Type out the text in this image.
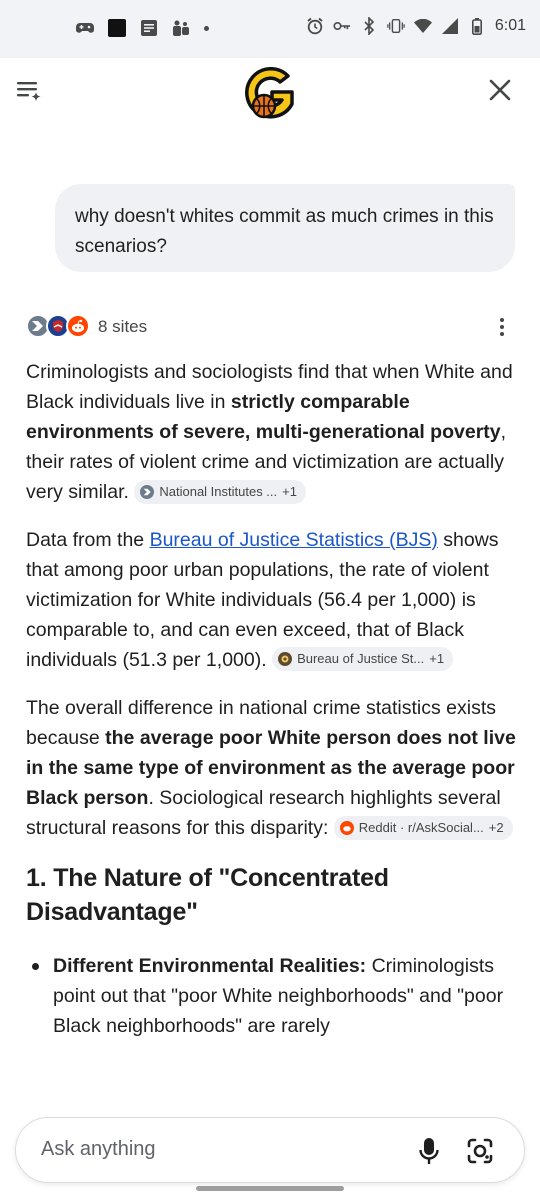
6:01
why doesn't whites commit as much crimes in this scenarios?
8 sites

Criminologists and sociologists find that when White and Black individuals live in strictly comparable environments of severe, multi-generational poverty, their rates of violent crime and victimization are actually very similar. National Institutes ... +1

Data from the Bureau of Justice Statistics (BJS) shows that among poor urban populations, the rate of violent victimization for White individuals (56.4 per 1,000) is comparable to, and can even exceed, that of Black individuals (51.3 per 1,000). Bureau of Justice St... +1

The overall difference in national crime statistics exists because the average poor White person does not live in the same type of environment as the average poor Black person. Sociological research highlights several structural reasons for this disparity: Reddit · r/AskSocial... +2

1. The Nature of "Concentrated Disadvantage"
Different Environmental Realities: Criminologists point out that "poor White neighborhoods" and "poor Black neighborhoods" are rarely
Ask anything
